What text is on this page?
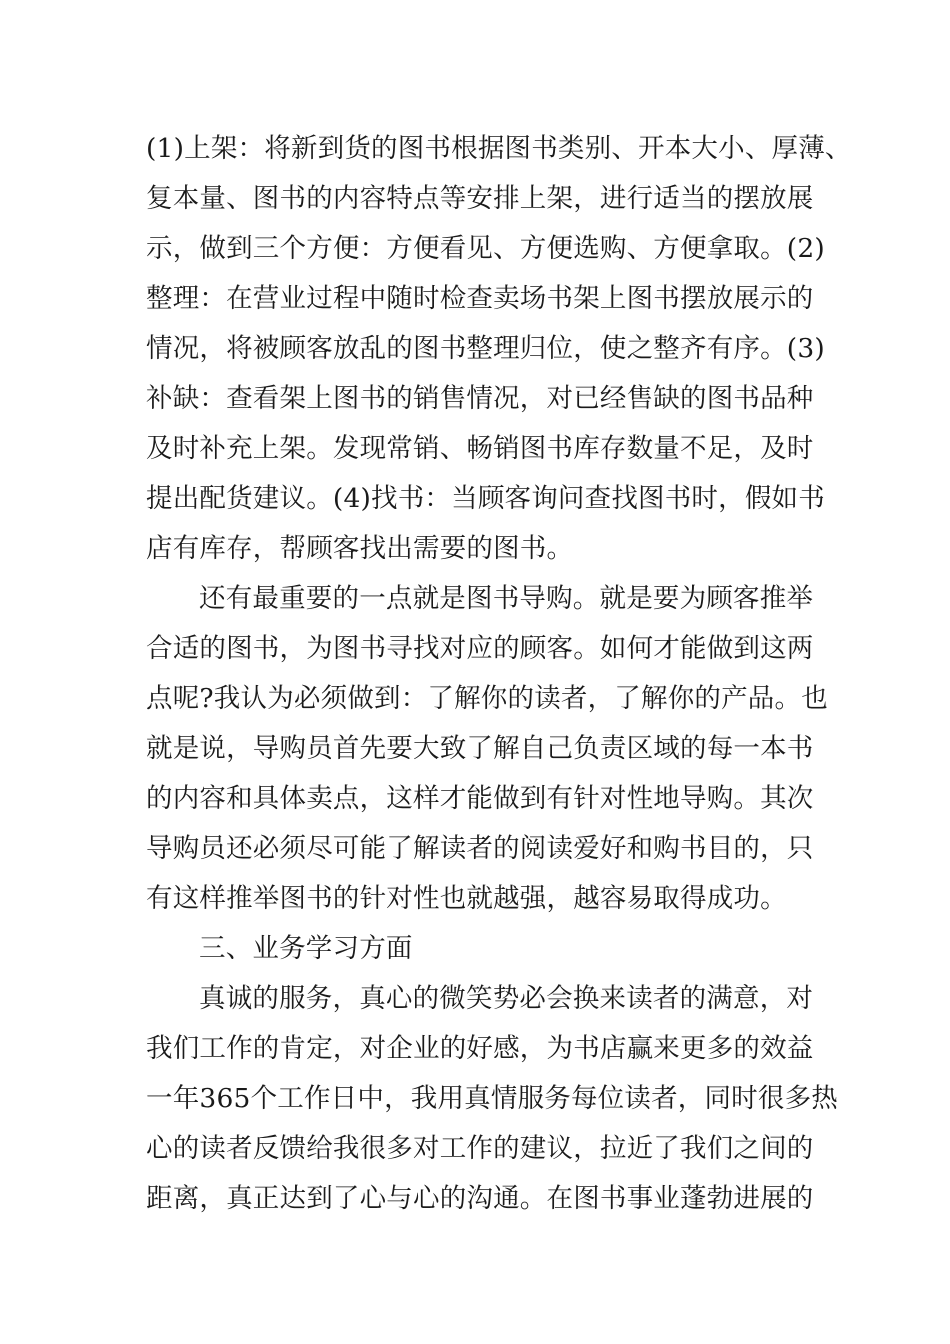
(1)上架：将新到货的图书根据图书类别、开本大小、厚薄、
复本量、图书的内容特点等安排上架，进行适当的摆放展
示，做到三个方便：方便看见、方便选购、方便拿取。(2)
整理：在营业过程中随时检查卖场书架上图书摆放展示的
情况，将被顾客放乱的图书整理归位，使之整齐有序。(3)
补缺：查看架上图书的销售情况，对已经售缺的图书品种
及时补充上架。发现常销、畅销图书库存数量不足，及时
提出配货建议。(4)找书：当顾客询问查找图书时，假如书
店有库存，帮顾客找出需要的图书。
还有最重要的一点就是图书导购。就是要为顾客推举
合适的图书，为图书寻找对应的顾客。如何才能做到这两
点呢?我认为必须做到：了解你的读者，了解你的产品。也
就是说，导购员首先要大致了解自己负责区域的每一本书
的内容和具体卖点，这样才能做到有针对性地导购。其次
导购员还必须尽可能了解读者的阅读爱好和购书目的，只
有这样推举图书的针对性也就越强，越容易取得成功。
三、业务学习方面
真诚的服务，真心的微笑势必会换来读者的满意，对
我们工作的肯定，对企业的好感，为书店赢来更多的效益
一年365个工作日中，我用真情服务每位读者，同时很多热
心的读者反馈给我很多对工作的建议，拉近了我们之间的
距离，真正达到了心与心的沟通。在图书事业蓬勃进展的
